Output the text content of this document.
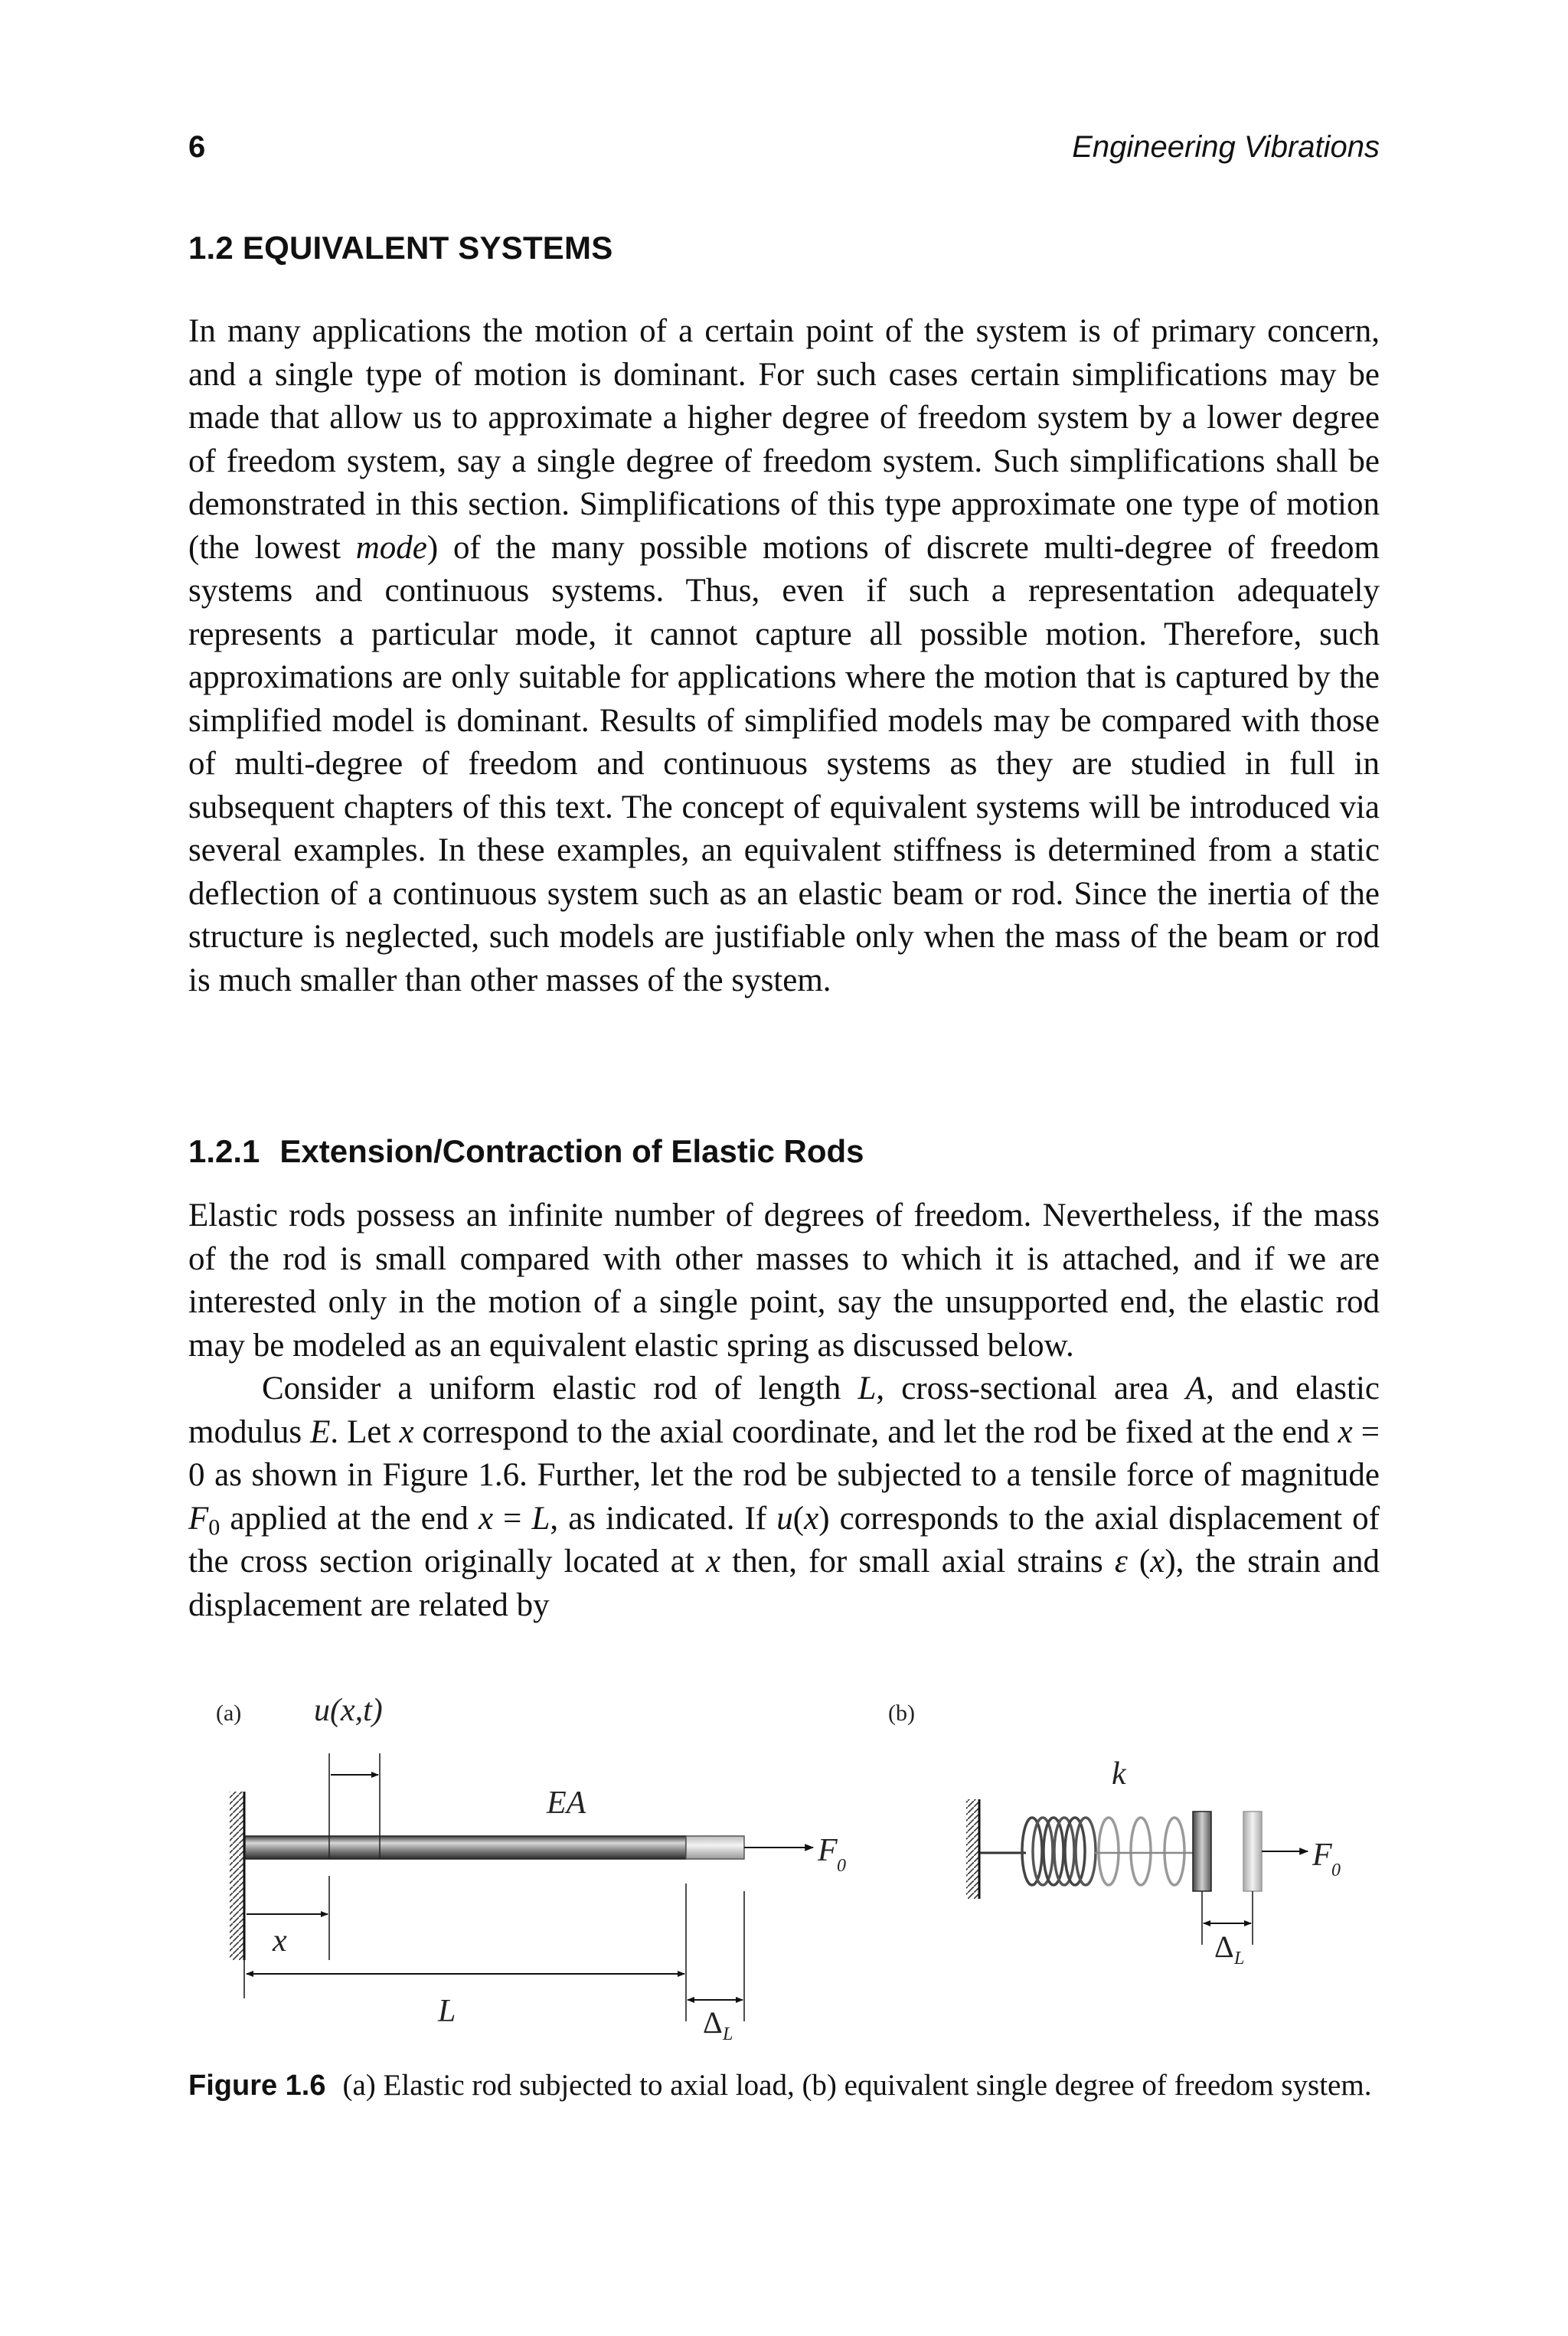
6	Engineering Vibrations
1.2 EQUIVALENT SYSTEMS

In many applications the motion of a certain point of the system is of primary concern, and a single type of motion is dominant. For such cases certain simplifications may be made that allow us to approximate a higher degree of freedom system by a lower degree of freedom system, say a single degree of freedom system. Such simplifications shall be demonstrated in this section. Simplifications of this type approximate one type of motion (the lowest mode) of the many possible motions of discrete multi-degree of freedom systems and continuous systems. Thus, even if such a representation adequately represents a particular mode, it cannot capture all possible motion. Therefore, such approximations are only suitable for applications where the motion that is captured by the simplified model is dominant. Results of simplified models may be compared with those of multi-degree of freedom and continuous systems as they are studied in full in subsequent chapters of this text. The concept of equivalent systems will be introduced via several examples. In these examples, an equivalent stiffness is determined from a static deflection of a continuous system such as an elastic beam or rod. Since the inertia of the structure is neglected, such models are justifiable only when the mass of the beam or rod is much smaller than other masses of the system.

1.2.1 Extension/Contraction of Elastic Rods

Elastic rods possess an infinite number of degrees of freedom. Nevertheless, if the mass of the rod is small compared with other masses to which it is attached, and if we are interested only in the motion of a single point, say the unsupported end, the elastic rod may be modeled as an equivalent elastic spring as discussed below.

Consider a uniform elastic rod of length L, cross-sectional area A, and elastic modulus E. Let x correspond to the axial coordinate, and let the rod be fixed at the end x = 0 as shown in Figure 1.6. Further, let the rod be subjected to a tensile force of magnitude $F_0$ applied at the end x = L, as indicated. If u(x) corresponds to the axial displacement of the cross section originally located at x then, for small axial strains ε (x), the strain and displacement are related by

(a) u(x,t)
EA
F 0
x
L	Δ L
(b)
k
F 0
Δ L

Figure 1.6 (a) Elastic rod subjected to axial load, (b) equivalent single degree of freedom system.
